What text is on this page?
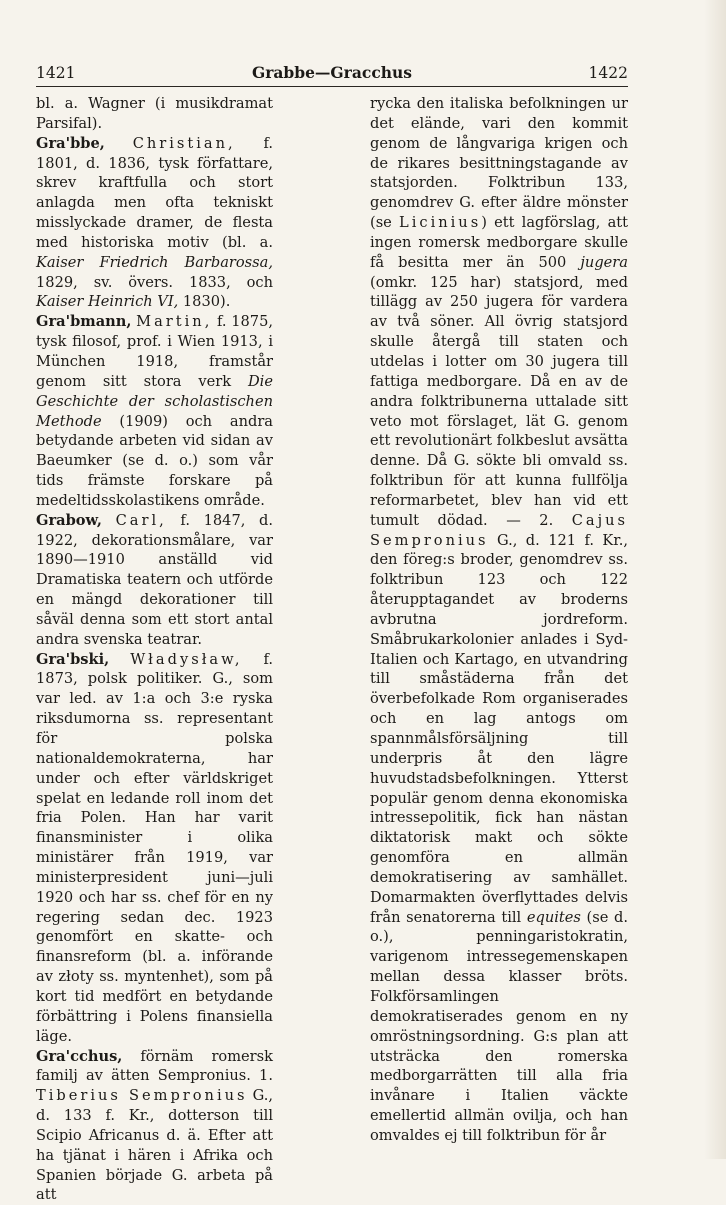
1421	Grabbe—Gracchus	1422

bl. a. Wagner (i musikdramat Parsifal).

Gra'bbe, Christian, f. 1801, d. 1836, tysk författare, skrev kraftfulla och stort anlagda men ofta tekniskt misslyckade dramer, de flesta med historiska motiv (bl. a. Kaiser Friedrich Barbarossa, 1829, sv. övers. 1833, och Kaiser Heinrich VI, 1830).

Gra'bmann, Martin, f. 1875, tysk filosof, prof. i Wien 1913, i München 1918, framstår genom sitt stora verk Die Geschichte der scholastischen Methode (1909) och andra betydande arbeten vid sidan av Baeumker (se d. o.) som vår tids främste forskare på medeltidsskolastikens område.

Grabow, Carl, f. 1847, d. 1922, dekorationsmålare, var 1890—1910 anställd vid Dramatiska teatern och utförde en mängd dekorationer till såväl denna som ett stort antal andra svenska teatrar.

Gra'bski, Władysław, f. 1873, polsk politiker. G., som var led. av 1:a och 3:e ryska riksdumorna ss. representant för polska nationaldemokraterna, har under och efter världskriget spelat en ledande roll inom det fria Polen. Han har varit finansminister i olika ministärer från 1919, var ministerpresident juni—juli 1920 och har ss. chef för en ny regering sedan dec. 1923 genomfört en skatte- och finansreform (bl. a. införande av złoty ss. myntenhet), som på kort tid medfört en betydande förbättring i Polens finansiella läge.

Gra'cchus, förnäm romersk familj av ätten Sempronius. 1. Tiberius Sempronius G., d. 133 f. Kr., dotterson till Scipio Africanus d. ä. Efter att ha tjänat i hären i Afrika och Spanien började G. arbeta på att

rycka den italiska befolkningen ur det elände, vari den kommit genom de långvariga krigen och de rikares besittningstagande av statsjorden. Folktribun 133, genomdrev G. efter äldre mönster (se Licinius) ett lagförslag, att ingen romersk medborgare skulle få besitta mer än 500 jugera (omkr. 125 har) statsjord, med tillägg av 250 jugera för vardera av två söner. All övrig statsjord skulle återgå till staten och utdelas i lotter om 30 jugera till fattiga medborgare. Då en av de andra folktribunerna uttalade sitt veto mot förslaget, lät G. genom ett revolutionärt folkbeslut avsätta denne. Då G. sökte bli omvald ss. folktribun för att kunna fullfölja reformarbetet, blev han vid ett tumult dödad. — 2. Cajus Sempronius G., d. 121 f. Kr., den föreg:s broder, genomdrev ss. folktribun 123 och 122 återupptagandet av broderns avbrutna jordreform. Småbrukarkolonier anlades i Syd-Italien och Kartago, en utvandring till småstäderna från det överbefolkade Rom organiserades och en lag antogs om spannmålsförsäljning till underpris åt den lägre huvudstadsbefolkningen. Ytterst populär genom denna ekonomiska intressepolitik, fick han nästan diktatorisk makt och sökte genomföra en allmän demokratisering av samhället. Domarmakten överflyttades delvis från senatorerna till equites (se d. o.), penningaristokratin, varigenom intressegemenskapen mellan dessa klasser bröts. Folkförsamlingen demokratiserades genom en ny omröstningsordning. G:s plan att utsträcka den romerska medborgarrätten till alla fria invånare i Italien väckte emellertid allmän ovilja, och han omvaldes ej till folktribun för år
